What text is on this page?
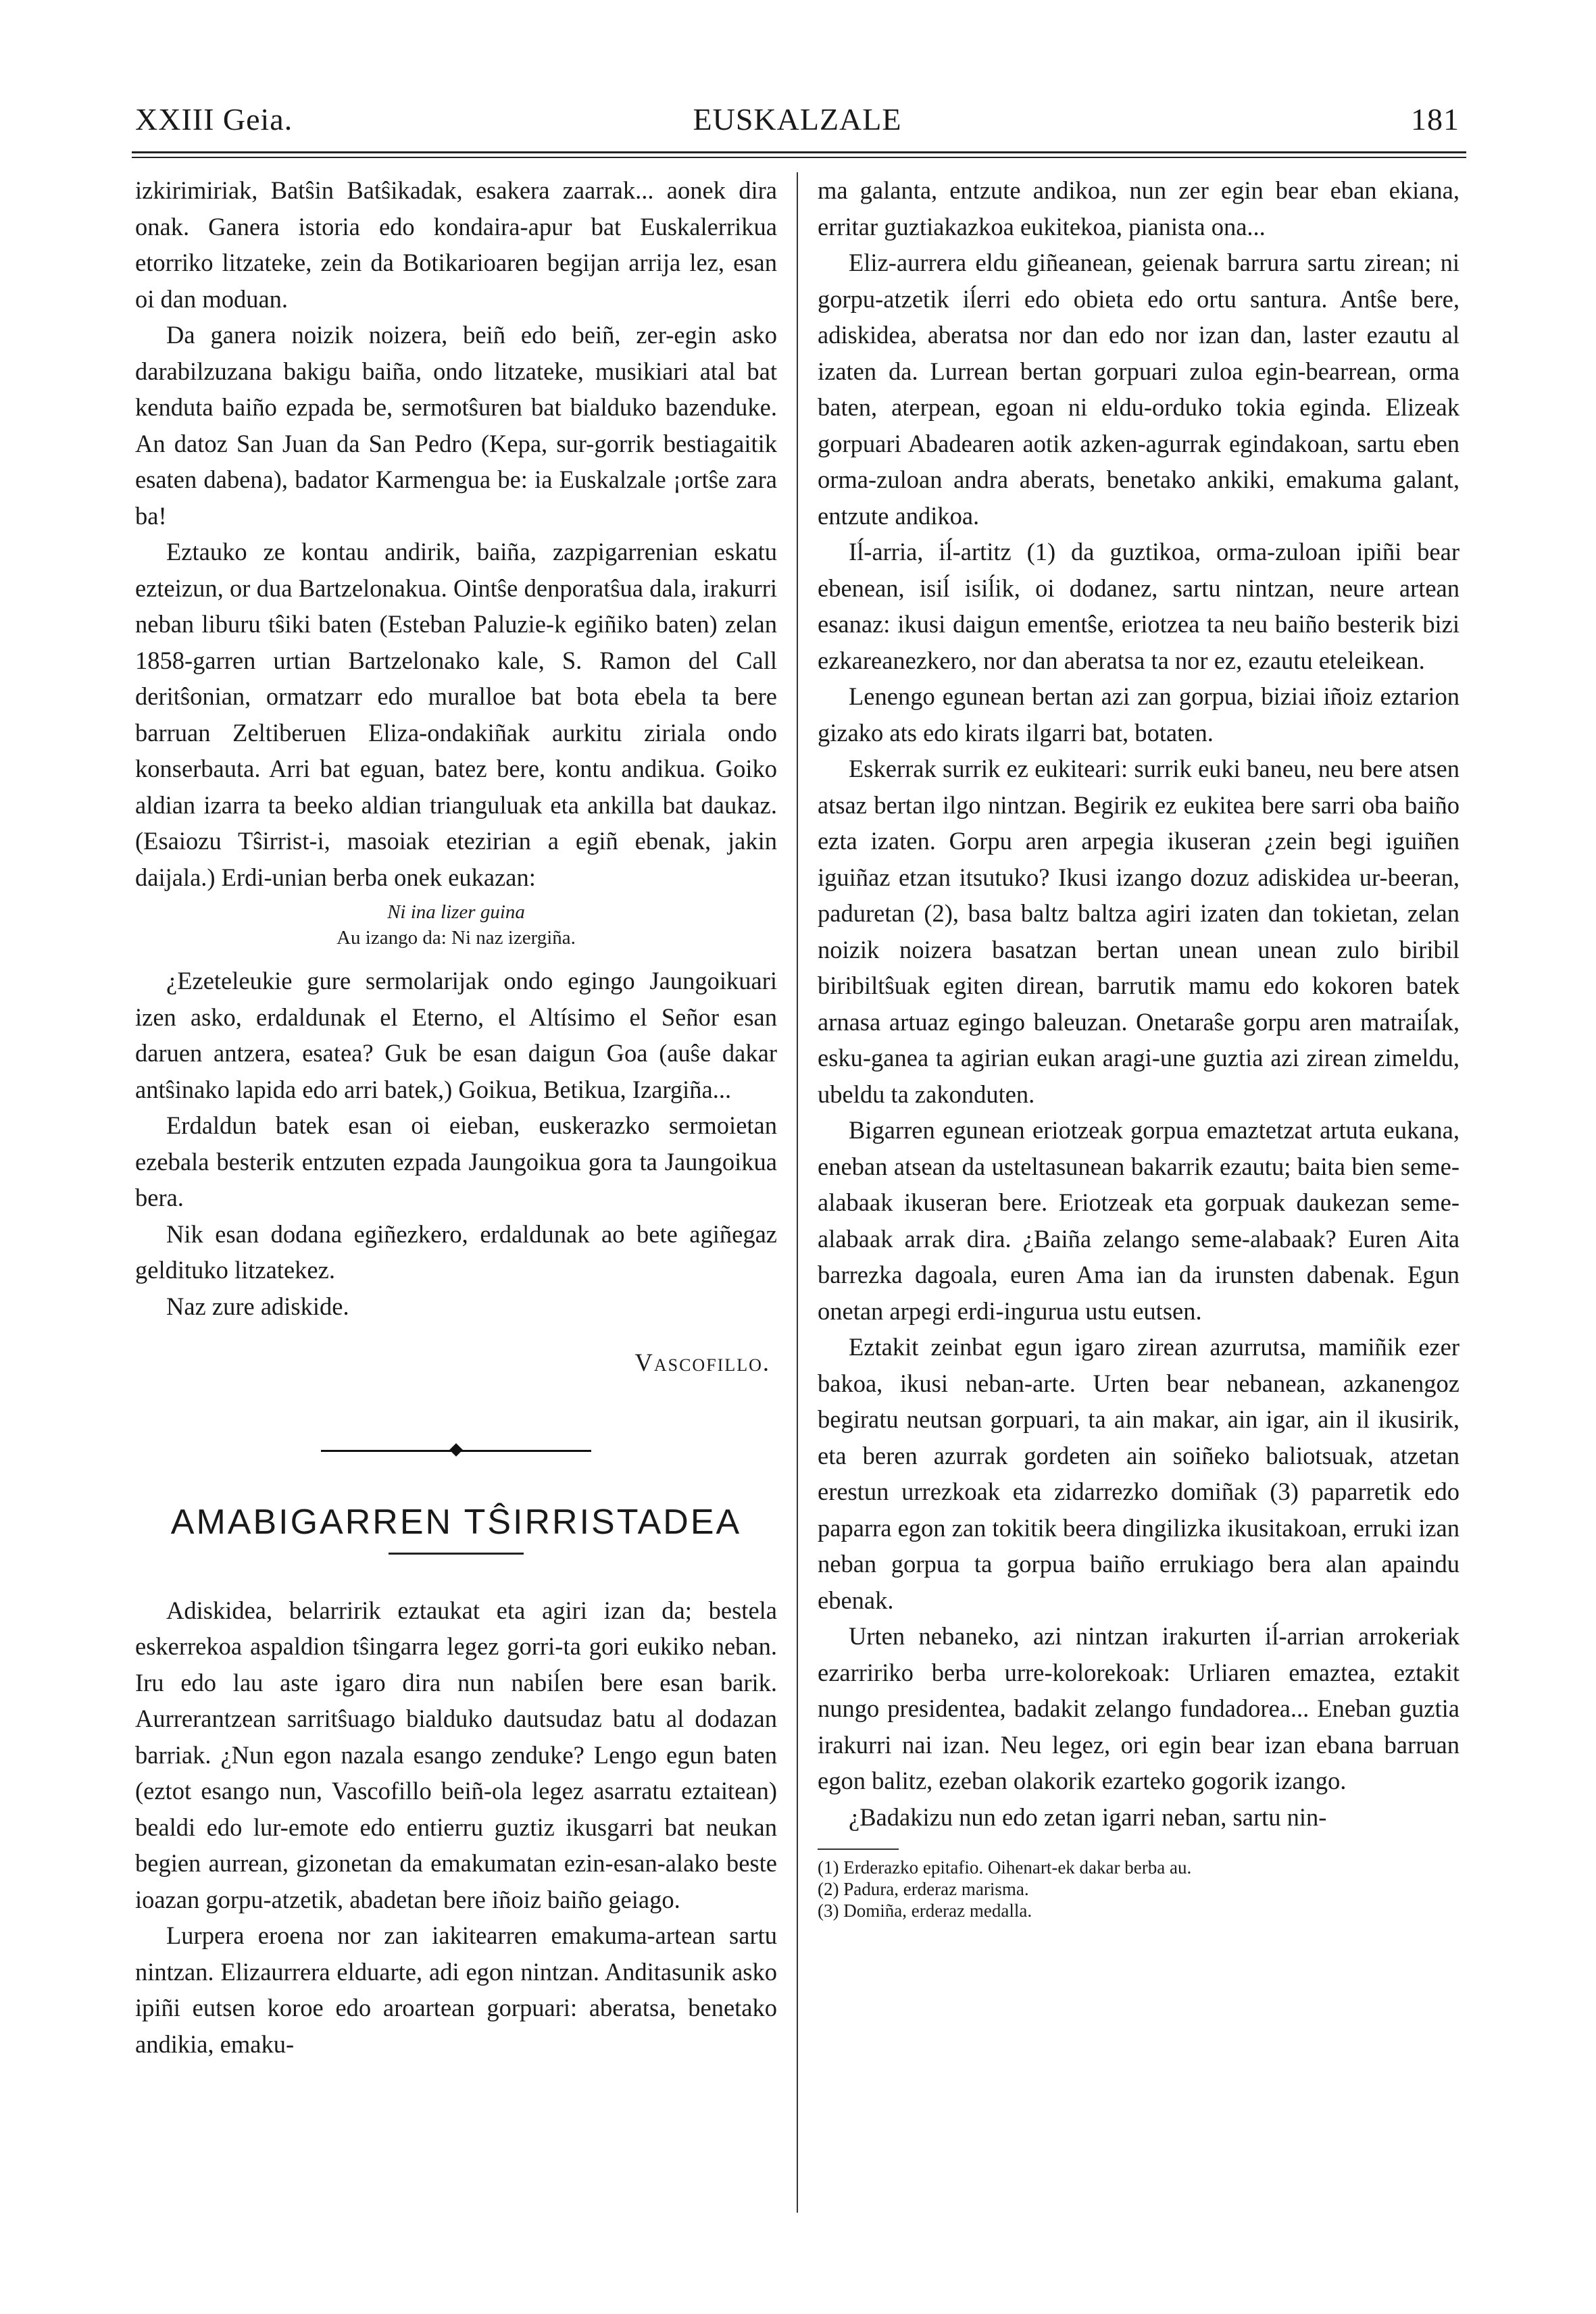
XXIII Geia.	EUSKALZALE	181

izkirimiriak, Batŝin Batŝikadak, esakera zaarrak... aonek dira onak. Ganera istoria edo kondaira-apur bat Euskalerrikua etorriko litzateke, zein da Botikarioaren begijan arrija lez, esan oi dan moduan.

Da ganera noizik noizera, beiñ edo beiñ, zer-egin asko darabilzuzana bakigu baiña, ondo litzateke, musikiari atal bat kenduta baiño ezpada be, sermotŝuren bat bialduko bazenduke. An datoz San Juan da San Pedro (Kepa, sur-gorrik bestiagaitik esaten dabena), badator Karmengua be: ia Euskalzale ¡ortŝe zara ba!

Eztauko ze kontau andirik, baiña, zazpigarrenian eskatu ezteizun, or dua Bartzelonakua. Ointŝe denporatŝua dala, irakurri neban liburu tŝiki baten (Esteban Paluzie-k egiñiko baten) zelan 1858-garren urtian Bartzelonako kale, S. Ramon del Call deritŝonian, ormatzarr edo muralloe bat bota ebela ta bere barruan Zeltiberuen Eliza-ondakiñak aurkitu ziriala ondo konserbauta. Arri bat eguan, batez bere, kontu andikua. Goiko aldian izarra ta beeko aldian trianguluak eta ankilla bat daukaz. (Esaiozu Tŝirrist-i, masoiak etezirian a egiñ ebenak, jakin daijala.) Erdi-unian berba onek eukazan:

Ni ina lizer guina
Au izango da: Ni naz izergiña.

¿Ezeteleukie gure sermolarijak ondo egingo Jaungoikuari izen asko, erdaldunak el Eterno, el Altísimo el Señor esan daruen antzera, esatea? Guk be esan daigun Goa (auŝe dakar antŝinako lapida edo arri batek,) Goikua, Betikua, Izargiña...

Erdaldun batek esan oi eieban, euskerazko sermoietan ezebala besterik entzuten ezpada Jaungoikua gora ta Jaungoikua bera.

Nik esan dodana egiñezkero, erdaldunak ao bete agiñegaz geldituko litzatekez.

Naz zure adiskide.

Vascofillo.
AMABIGARREN TŜIRRISTADEA

Adiskidea, belarririk eztaukat eta agiri izan da; bestela eskerrekoa aspaldion tŝingarra legez gorri-ta gori eukiko neban. Iru edo lau aste igaro dira nun nabiĺen bere esan barik. Aurrerantzean sarritŝuago bialduko dautsudaz batu al dodazan barriak. ¿Nun egon nazala esango zenduke? Lengo egun baten (eztot esango nun, Vascofillo beiñ-ola legez asarratu eztaitean) bealdi edo lur-emote edo entierru guztiz ikusgarri bat neukan begien aurrean, gizonetan da emakumatan ezin-esan-alako beste ioazan gorpu-atzetik, abadetan bere iñoiz baiño geiago.

Lurpera eroena nor zan iakitearren emakuma-artean sartu nintzan. Elizaurrera elduarte, adi egon nintzan. Anditasunik asko ipiñi eutsen koroe edo aroartean gorpuari: aberatsa, benetako andikia, emaku-

ma galanta, entzute andikoa, nun zer egin bear eban ekiana, erritar guztiakazkoa eukitekoa, pianista ona...

Eliz-aurrera eldu giñeanean, geienak barrura sartu zirean; ni gorpu-atzetik iĺerri edo obieta edo ortu santura. Antŝe bere, adiskidea, aberatsa nor dan edo nor izan dan, laster ezautu al izaten da. Lurrean bertan gorpuari zuloa egin-bearrean, orma baten, aterpean, egoan ni eldu-orduko tokia eginda. Elizeak gorpuari Abadearen aotik azken-agurrak egindakoan, sartu eben orma-zuloan andra aberats, benetako ankiki, emakuma galant, entzute andikoa.

Iĺ-arria, iĺ-artitz (1) da guztikoa, orma-zuloan ipiñi bear ebenean, isiĺ isiĺik, oi dodanez, sartu nintzan, neure artean esanaz: ikusi daigun ementŝe, eriotzea ta neu baiño besterik bizi ezkareanezkero, nor dan aberatsa ta nor ez, ezautu eteleikean.

Lenengo egunean bertan azi zan gorpua, biziai iñoiz eztarion gizako ats edo kirats ilgarri bat, botaten.

Eskerrak surrik ez eukiteari: surrik euki baneu, neu bere atsen atsaz bertan ilgo nintzan. Begirik ez eukitea bere sarri oba baiño ezta izaten. Gorpu aren arpegia ikuseran ¿zein begi iguiñen iguiñaz etzan itsutuko? Ikusi izango dozuz adiskidea ur-beeran, paduretan (2), basa baltz baltza agiri izaten dan tokietan, zelan noizik noizera basatzan bertan unean unean zulo biribil biribiltŝuak egiten direan, barrutik mamu edo kokoren batek arnasa artuaz egingo baleuzan. Onetaraŝe gorpu aren matraiĺak, esku-ganea ta agirian eukan aragi-une guztia azi zirean zimeldu, ubeldu ta zakonduten.

Bigarren egunean eriotzeak gorpua emaztetzat artuta eukana, eneban atsean da usteltasunean bakarrik ezautu; baita bien seme-alabaak ikuseran bere. Eriotzeak eta gorpuak daukezan seme-alabaak arrak dira. ¿Baiña zelango seme-alabaak? Euren Aita barrezka dagoala, euren Ama ian da irunsten dabenak. Egun onetan arpegi erdi-ingurua ustu eutsen.

Eztakit zeinbat egun igaro zirean azurrutsa, mamiñik ezer bakoa, ikusi neban-arte. Urten bear nebanean, azkanengoz begiratu neutsan gorpuari, ta ain makar, ain igar, ain il ikusirik, eta beren azurrak gordeten ain soiñeko baliotsuak, atzetan erestun urrezkoak eta zidarrezko domiñak (3) paparretik edo paparra egon zan tokitik beera dingilizka ikusitakoan, erruki izan neban gorpua ta gorpua baiño errukiago bera alan apaindu ebenak.

Urten nebaneko, azi nintzan irakurten iĺ-arrian arrokeriak ezarririko berba urre-kolorekoak: Urliaren emaztea, eztakit nungo presidentea, badakit zelango fundadorea... Eneban guztia irakurri nai izan. Neu legez, ori egin bear izan ebana barruan egon balitz, ezeban olakorik ezarteko gogorik izango.

¿Badakizu nun edo zetan igarri neban, sartu nin-

(1) Erderazko epitafio. Oihenart-ek dakar berba au.
(2) Padura, erderaz marisma.
(3) Domiña, erderaz medalla.
